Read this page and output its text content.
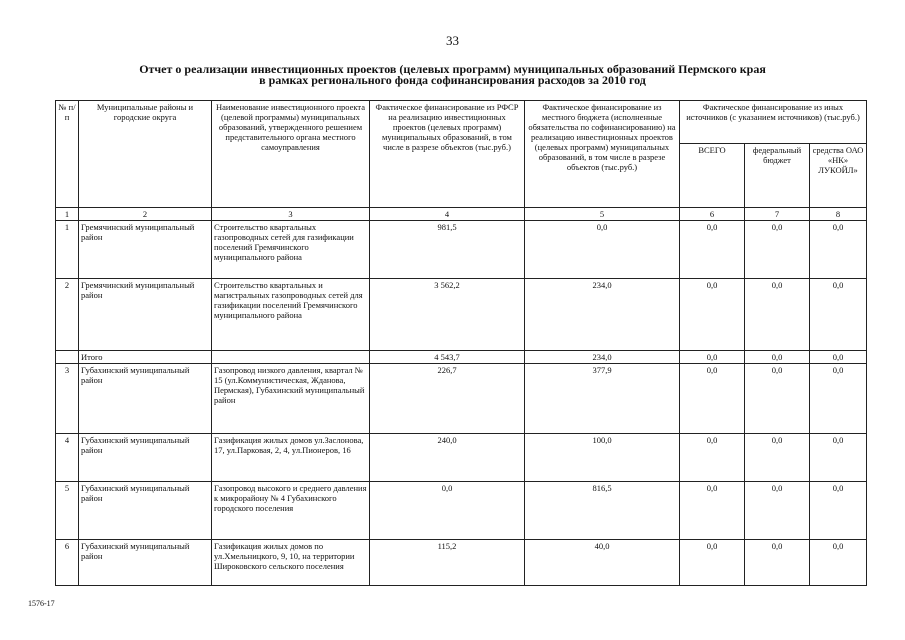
33
Отчет о реализации инвестиционных проектов (целевых программ) муниципальных образований Пермского края
в рамках регионального фонда софинансирования расходов за 2010 год
№ п/п	Муниципальные районы и городские округа	Наименование инвестиционного проекта (целевой программы) муниципальных образований, утвержденного решением представительного органа местного самоуправления	Фактическое финансирование из РФСР на реализацию инвестиционных проектов (целевых программ) муниципальных образований, в том числе в разрезе объектов (тыс.руб.)	Фактическое финансирование из местного бюджета (исполненные обязательства по софинансированию) на реализацию инвестиционных проектов (целевых программ) муниципальных образований, в том числе в разрезе объектов (тыс.руб.)	Фактическое финансирование из иных источников (с указанием источников) (тыс.руб.)		
					ВСЕГО	федеральный бюджет	средства ОАО «НК» ЛУКОЙЛ»
1	2	3	4	5	6	7	8
1	Гремячинский муниципальный район	Строительство квартальных газопроводных сетей для газификации поселений Гремячинского муниципального района	981,5	0,0	0,0	0,0	0,0
2	Гремячинский муниципальный район	Строительство квартальных и магистральных газопроводных сетей для газификации поселений Гремячинского муниципального района	3 562,2	234,0	0,0	0,0	0,0
	Итого		4 543,7	234,0	0,0	0,0	0,0
3	Губахинский муниципальный район	Газопровод низкого давления, квартал № 15 (ул.Коммунистическая, Жданова, Пермская), Губахинский муниципальный район	226,7	377,9	0,0	0,0	0,0
4	Губахинский муниципальный район	Газификация жилых домов ул.Заслонова, 17, ул.Парковая, 2, 4, ул.Пионеров, 16	240,0	100,0	0,0	0,0	0,0
5	Губахинский муниципальный район	Газопровод высокого и среднего давления к микрорайону № 4 Губахинского городского поселения	0,0	816,5	0,0	0,0	0,0
6	Губахинский муниципальный район	Газификация жилых домов по ул.Хмельницкого, 9, 10, на территории Широковского сельского поселения	115,2	40,0	0,0	0,0	0,0
1576-17
